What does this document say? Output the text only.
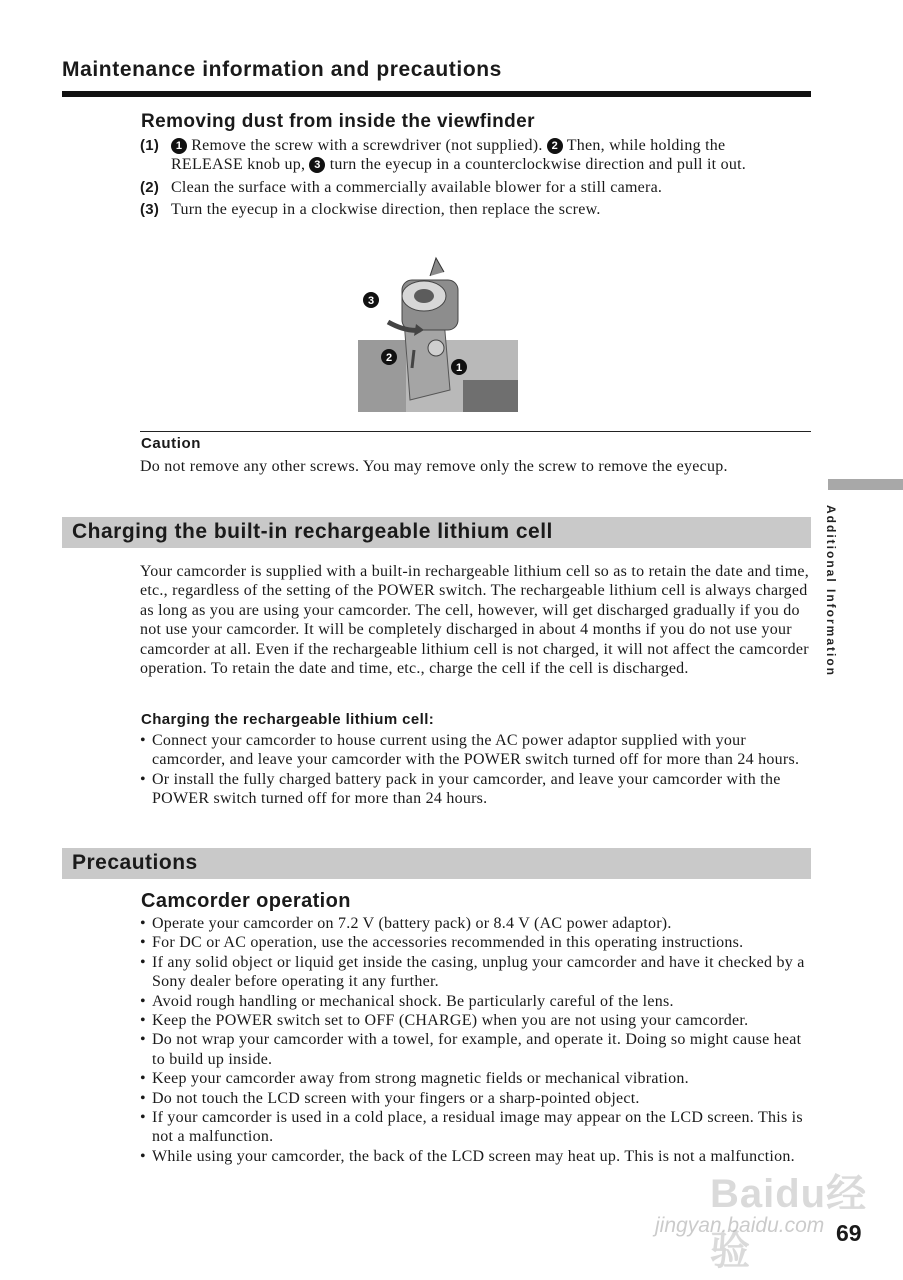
Maintenance information and precautions
Removing dust from inside the viewfinder
(1)	1 Remove the screw with a screwdriver (not supplied). 2 Then, while holding the RELEASE knob up, 3 turn the eyecup in a counterclockwise direction and pull it out.
(2) Clean the surface with a commercially available blower for a still camera.
(3) Turn the eyecup in a clockwise direction, then replace the screw.
3
2
1
Caution
Do not remove any other screws. You may remove only the screw to remove the eyecup.
Charging the built-in rechargeable lithium cell
Your camcorder is supplied with a built-in rechargeable lithium cell so as to retain the date and time, etc., regardless of the setting of the POWER switch. The rechargeable lithium cell is always charged as long as you are using your camcorder. The cell, however, will get discharged gradually if you do not use your camcorder. It will be completely discharged in about 4 months if you do not use your camcorder at all. Even if the rechargeable lithium cell is not charged, it will not affect the camcorder operation. To retain the date and time, etc., charge the cell if the cell is discharged.
Charging the rechargeable lithium cell:
• Connect your camcorder to house current using the AC power adaptor supplied with your camcorder, and leave your camcorder with the POWER switch turned off for more than 24 hours.
• Or install the fully charged battery pack in your camcorder, and leave your camcorder with the POWER switch turned off for more than 24 hours.
Precautions
Camcorder operation
• Operate your camcorder on 7.2 V (battery pack) or 8.4 V (AC power adaptor).
• For DC or AC operation, use the accessories recommended in this operating instructions.
• If any solid object or liquid get inside the casing, unplug your camcorder and have it checked by a Sony dealer before operating it any further.
• Avoid rough handling or mechanical shock. Be particularly careful of the lens.
• Keep the POWER switch set to OFF (CHARGE) when you are not using your camcorder.
• Do not wrap your camcorder with a towel, for example, and operate it. Doing so might cause heat to build up inside.
• Keep your camcorder away from strong magnetic fields or mechanical vibration.
• Do not touch the LCD screen with your fingers or a sharp-pointed object.
• If your camcorder is used in a cold place, a residual image may appear on the LCD screen. This is not a malfunction.
• While using your camcorder, the back of the LCD screen may heat up. This is not a malfunction.
Additional Information
Baidu经验
jingyan.baidu.com 69
